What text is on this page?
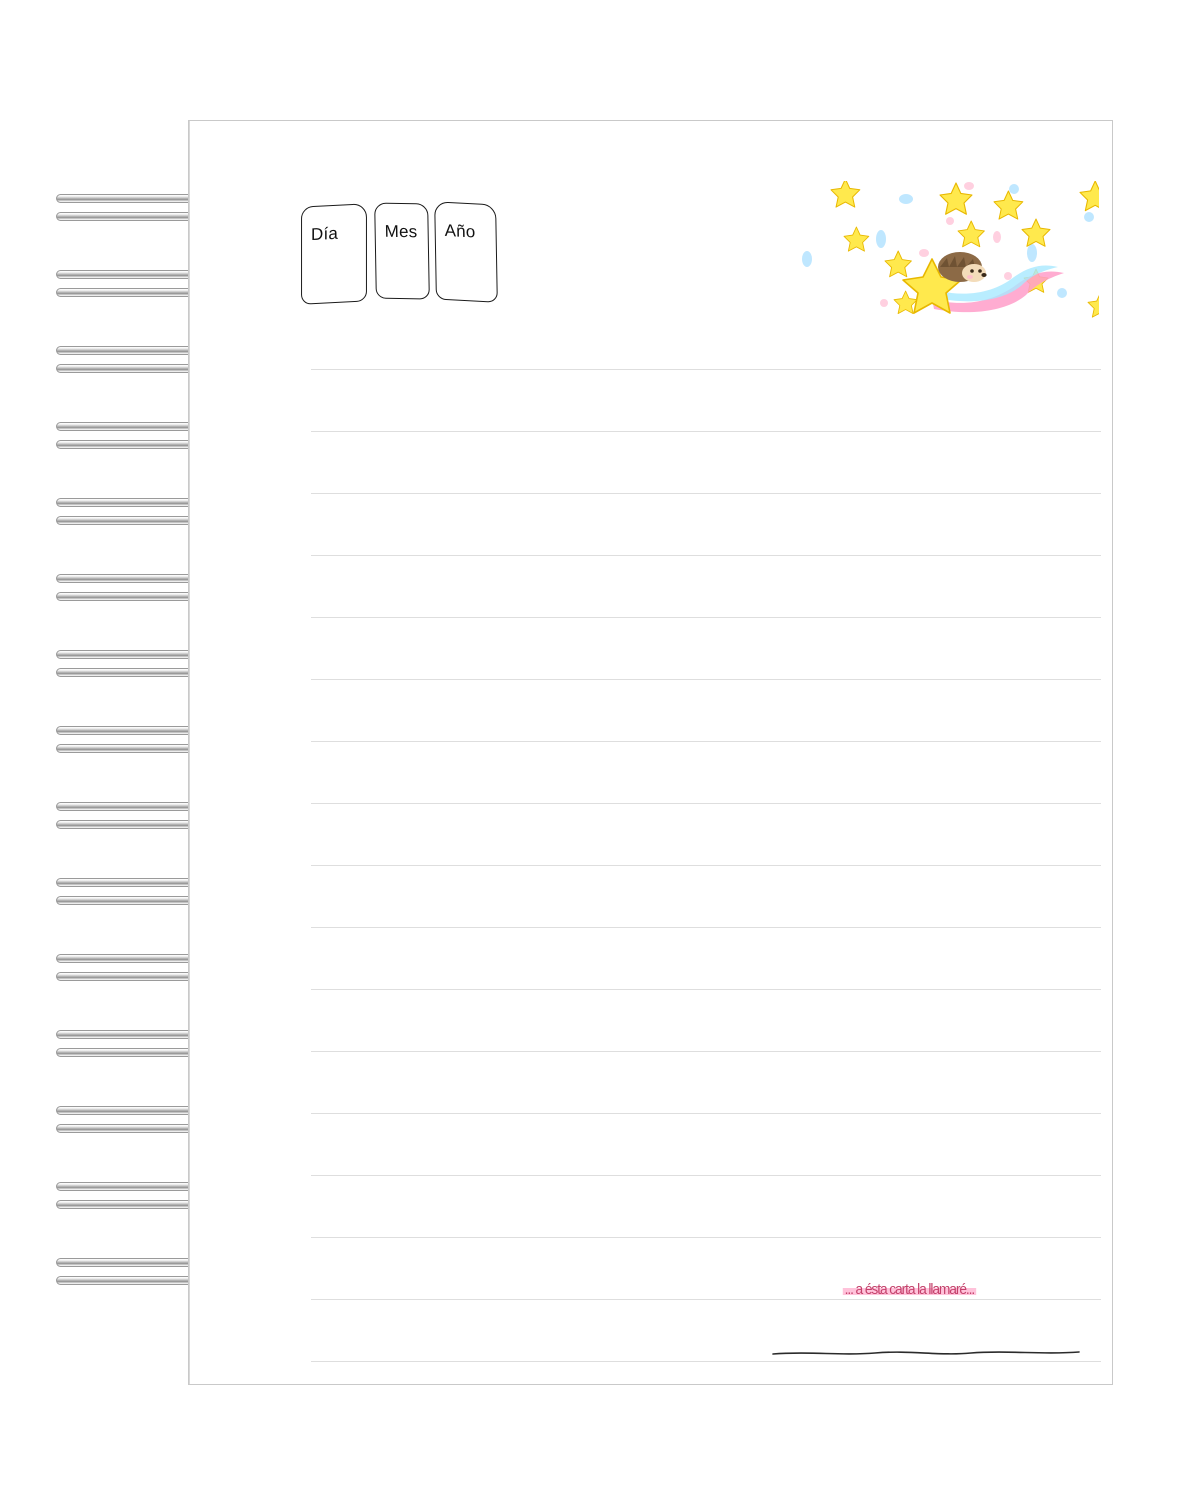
Día	Mes Año
... a ésta carta la llamaré...
